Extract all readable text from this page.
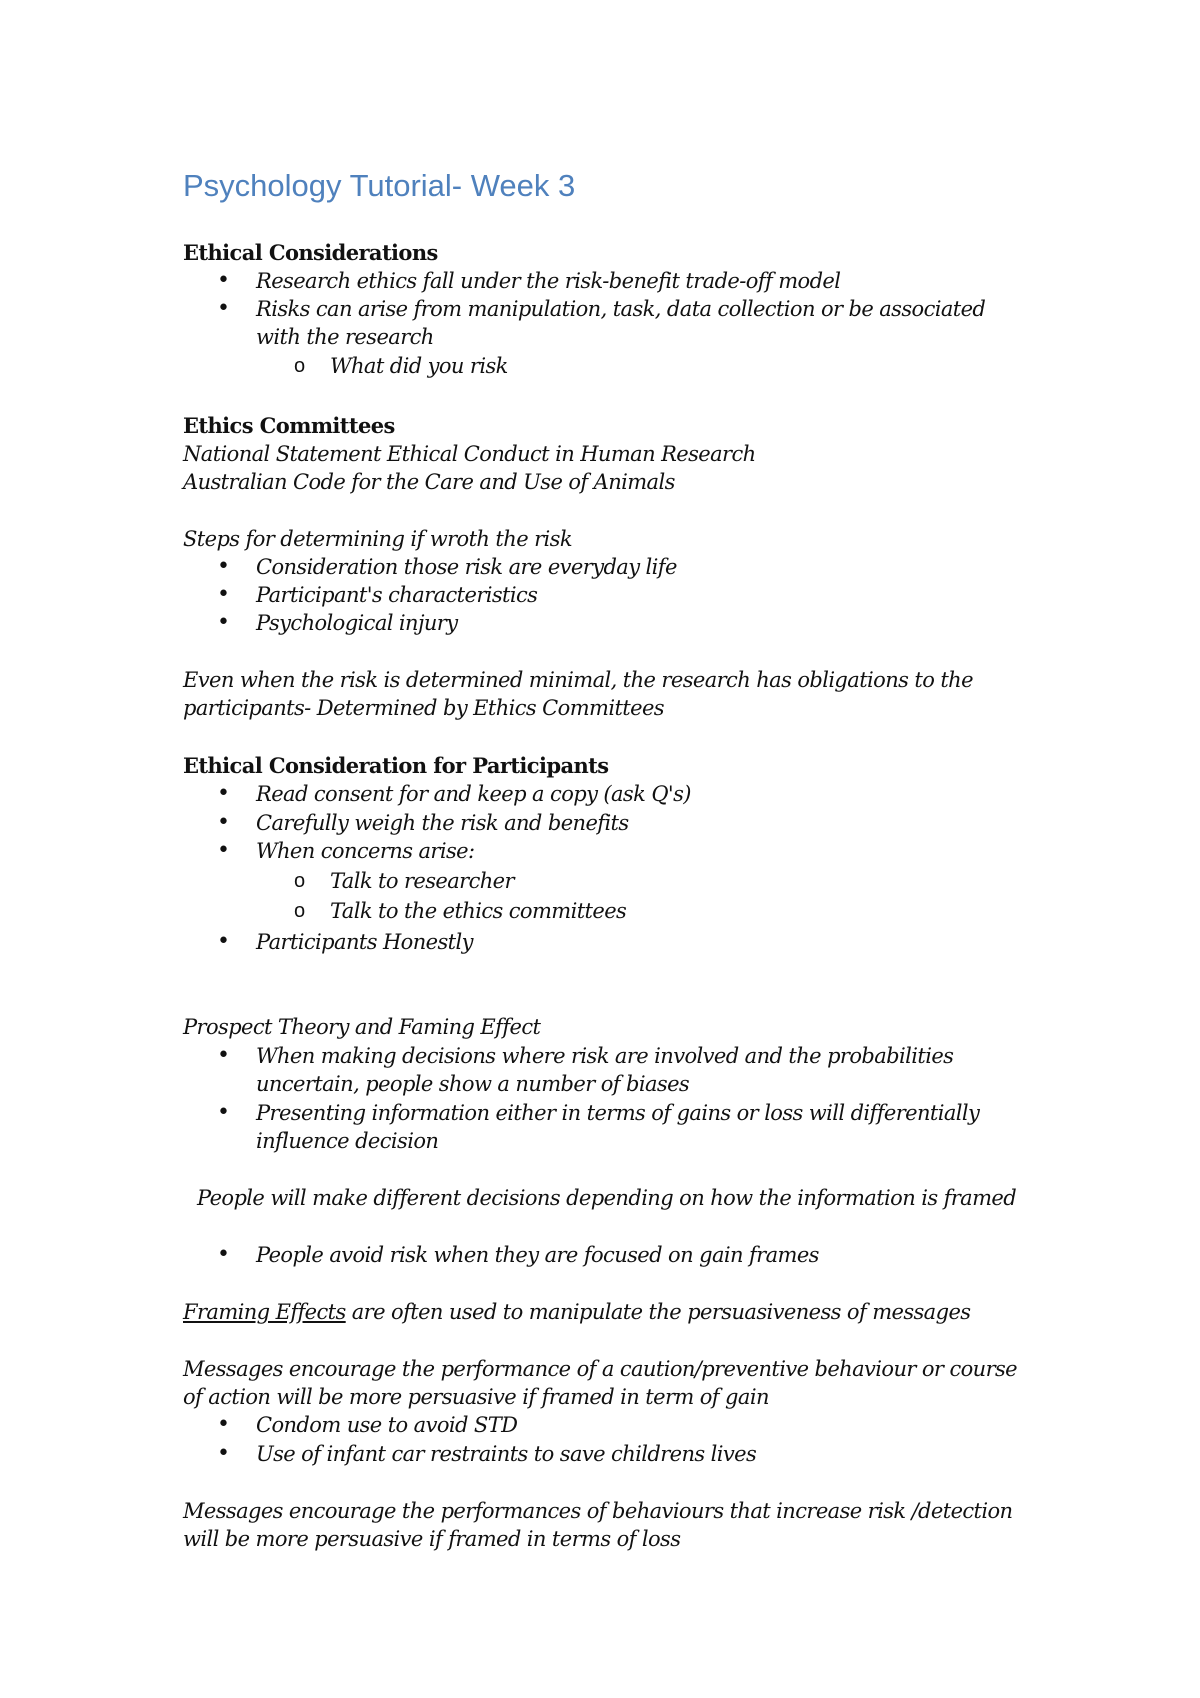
Psychology Tutorial- Week 3

Ethical Considerations

• Research ethics fall under the risk-benefit trade-off model

• Risks can arise from manipulation, task, data collection or be associated

with the research

o What did you risk

Ethics Committees

National Statement Ethical Conduct in Human Research

Australian Code for the Care and Use of Animals

Steps for determining if wroth the risk

• Consideration those risk are everyday life

• Participant's characteristics

• Psychological injury

Even when the risk is determined minimal, the research has obligations to the

participants- Determined by Ethics Committees

Ethical Consideration for Participants

• Read consent for and keep a copy (ask Q's)

• Carefully weigh the risk and benefits

• When concerns arise:

o Talk to researcher

o Talk to the ethics committees

• Participants Honestly

Prospect Theory and Faming Effect

• When making decisions where risk are involved and the probabilities

uncertain, people show a number of biases

• Presenting information either in terms of gains or loss will differentially

influence decision

People will make different decisions depending on how the information is framed

• People avoid risk when they are focused on gain frames

Framing Effects are often used to manipulate the persuasiveness of messages

Messages encourage the performance of a caution/preventive behaviour or course

of action will be more persuasive if framed in term of gain

• Condom use to avoid STD

• Use of infant car restraints to save childrens lives

Messages encourage the performances of behaviours that increase risk /detection

will be more persuasive if framed in terms of loss
